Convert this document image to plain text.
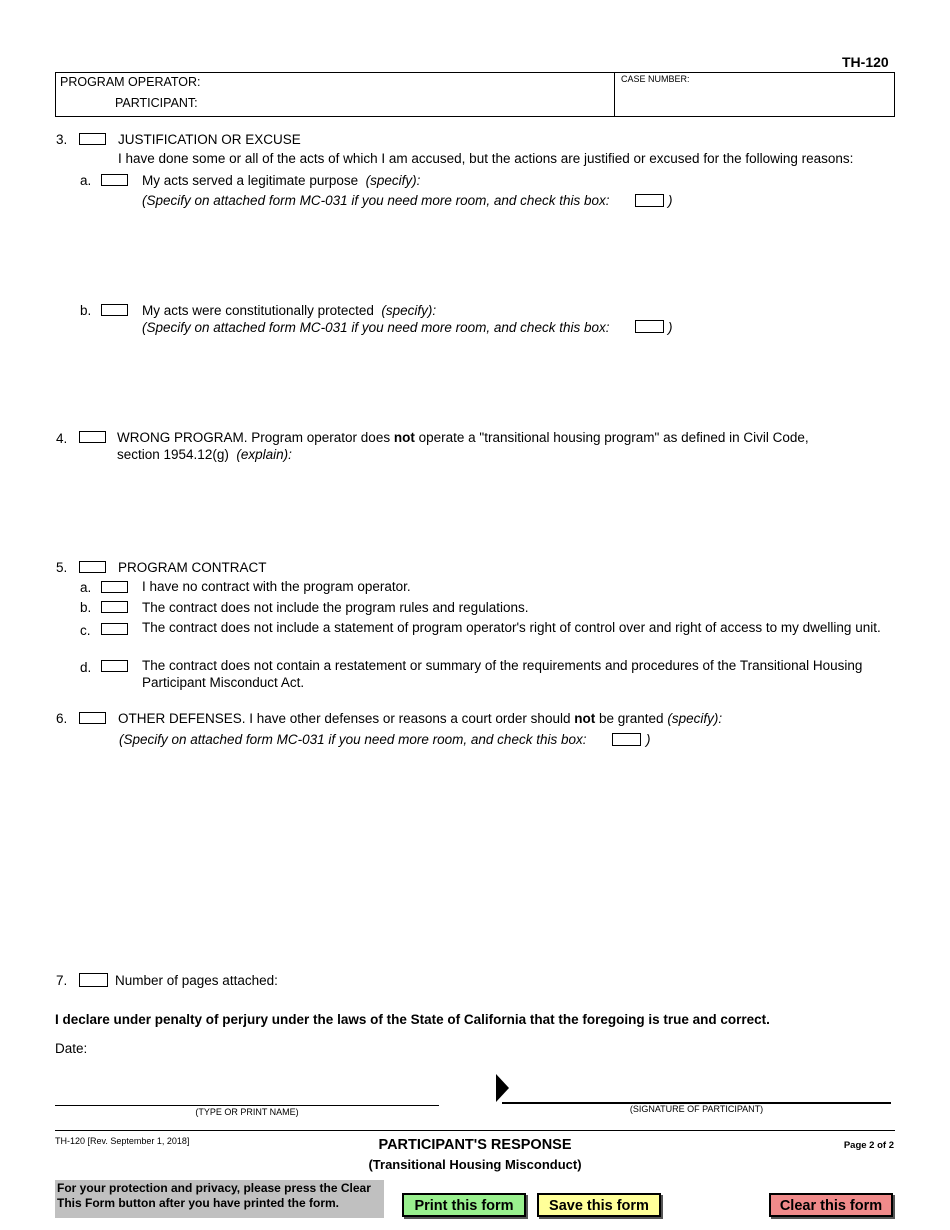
TH-120
PROGRAM OPERATOR:
PARTICIPANT:
CASE NUMBER:
3.	JUSTIFICATION OR EXCUSE
I have done some or all of the acts of which I am accused, but the actions are justified or excused for the following reasons:
a.	My acts served a legitimate purpose (specify):
(Specify on attached form MC-031 if you need more room, and check this box:	)
b.	My acts were constitutionally protected (specify):
(Specify on attached form MC-031 if you need more room, and check this box:	)
4.	WRONG PROGRAM. Program operator does not operate a "transitional housing program" as defined in Civil Code,
section 1954.12(g) (explain):
5.	PROGRAM CONTRACT
a.	I have no contract with the program operator.
b.	The contract does not include the program rules and regulations.
c.	The contract does not include a statement of program operator's right of control over and right of access to my dwelling unit.
d.	The contract does not contain a restatement or summary of the requirements and procedures of the Transitional Housing Participant Misconduct Act.
6.	OTHER DEFENSES. I have other defenses or reasons a court order should not be granted (specify):
(Specify on attached form MC-031 if you need more room, and check this box:	)
7.	Number of pages attached:
I declare under penalty of perjury under the laws of the State of California that the foregoing is true and correct.
Date:
(TYPE OR PRINT NAME)	(SIGNATURE OF PARTICIPANT)
TH-120 [Rev. September 1, 2018]	PARTICIPANT'S RESPONSE
(Transitional Housing Misconduct)
Page 2 of 2
For your protection and privacy, please press the Clear This Form button after you have printed the form.	Print this form	Save this form	Clear this form
